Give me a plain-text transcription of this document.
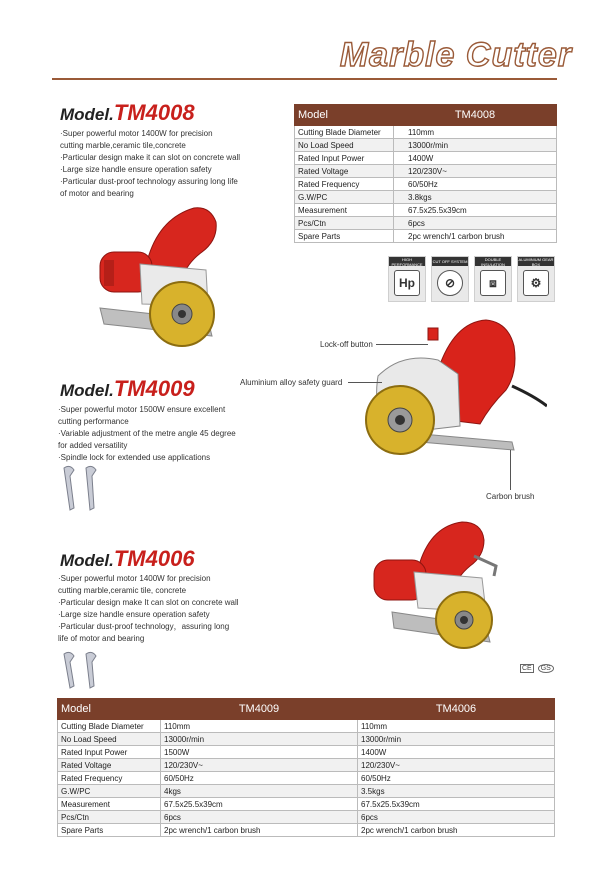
Marble Cutter
Model.TM4008
·Super powerful motor 1400W for precision
cutting marble,ceramic tile,concrete
·Particular design make it can slot on concrete wall
·Large size handle ensure operation safety
·Particular dust-proof technology assuring long life
of motor and bearing
Model	TM4008
Cutting Blade Diameter	110mm
No Load Speed	13000r/min
Rated Input Power	1400W
Rated Voltage	120/230V~
Rated Frequency	60/50Hz
G.W/PC	3.8kgs
Measurement	67.5x25.5x39cm
Pcs/Ctn	6pcs
Spare Parts	2pc wrench/1 carbon brush
HIGH PERFORMANCE
Hp
CUT OFF SYSTEM
⊘
DOUBLE INSULATION
⧈
ALUMINIUM GEAR BOX
⚙
Model.TM4009
·Super powerful motor 1500W ensure excellent
cutting performance
·Variable adjustment of the metre angle 45 degree
for added versatility
·Spindle lock for extended use applications
Lock-off button
Aluminium alloy safety guard
Carbon brush
Model.TM4006
·Super powerful motor 1400W for precision
cutting marble,ceramic tile, concrete
·Particular design make It can slot on concrete wall
·Large size handle ensure operation safety
·Particular dust-proof technology，assuring long
life of motor and bearing
CE	GS
Model	TM4009	TM4006
Cutting Blade Diameter	110mm	110mm
No Load Speed	13000r/min	13000r/min
Rated Input Power	1500W	1400W
Rated Voltage	120/230V~	120/230V~
Rated Frequency	60/50Hz	60/50Hz
G.W/PC	4kgs	3.5kgs
Measurement	67.5x25.5x39cm	67.5x25.5x39cm
Pcs/Ctn	6pcs	6pcs
Spare Parts	2pc wrench/1 carbon brush	2pc wrench/1 carbon brush
